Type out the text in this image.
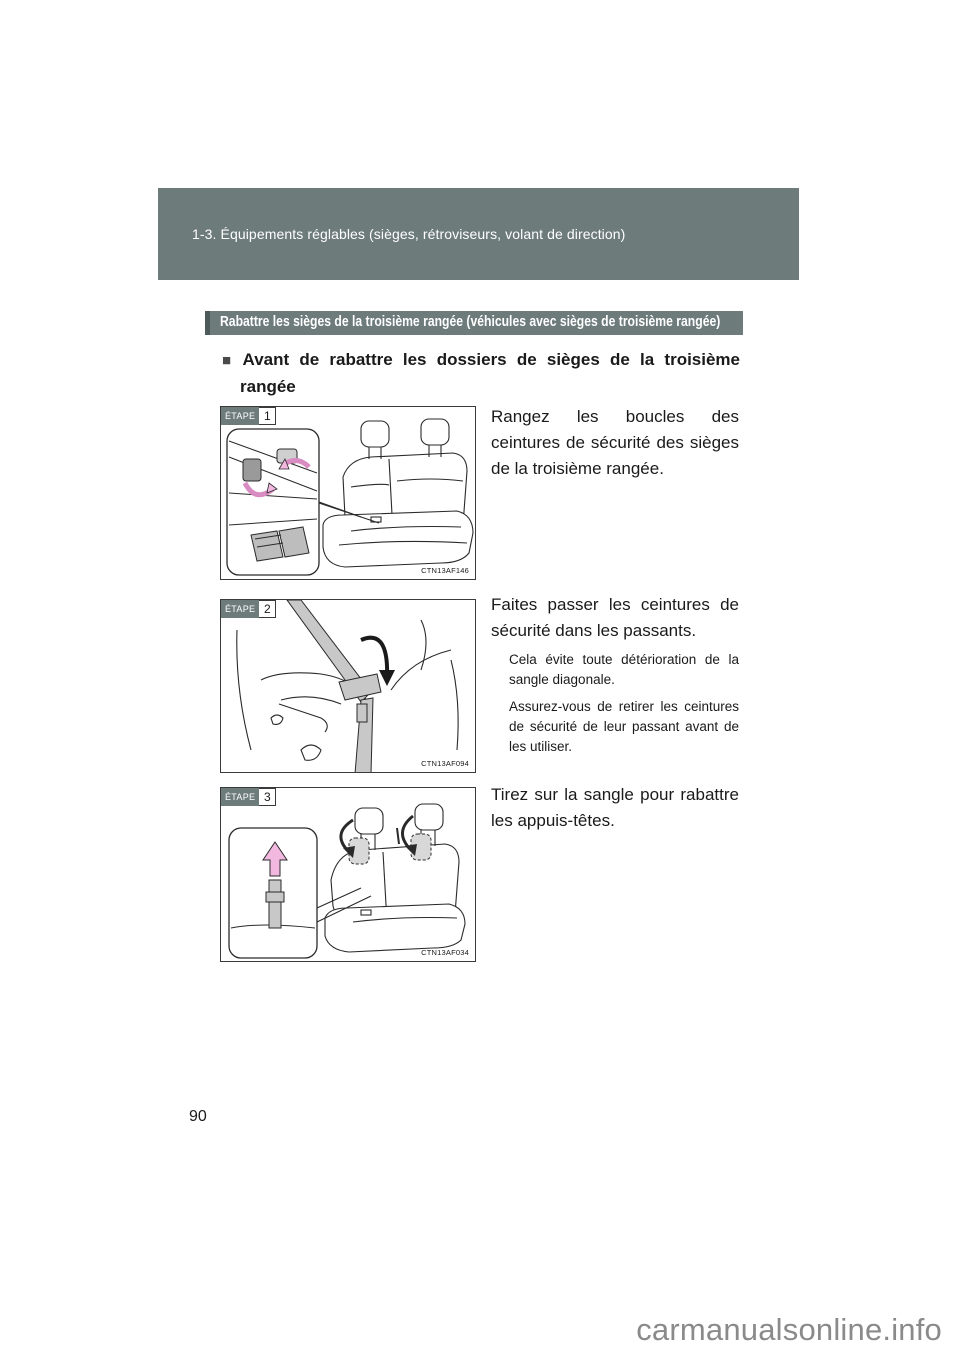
1-3. Équipements réglables (sièges, rétroviseurs, volant de direction)
Rabattre les sièges de la troisième rangée (véhicules avec sièges de troisième rangée)
■ Avant de rabattre les dossiers de sièges de la troisième
rangée
ÉTAPE 1
CTN13AF146
Rangez les boucles des ceintures de sécurité des sièges de la troisième rangée.
ÉTAPE 2
CTN13AF094
Faites passer les ceintures de sécurité dans les passants.
Cela évite toute détérioration de la sangle diagonale.
Assurez-vous de retirer les ceintures de sécurité de leur passant avant de les utiliser.
ÉTAPE 3
CTN13AF034
Tirez sur la sangle pour rabattre les appuis-têtes.
90
carmanualsonline.info
